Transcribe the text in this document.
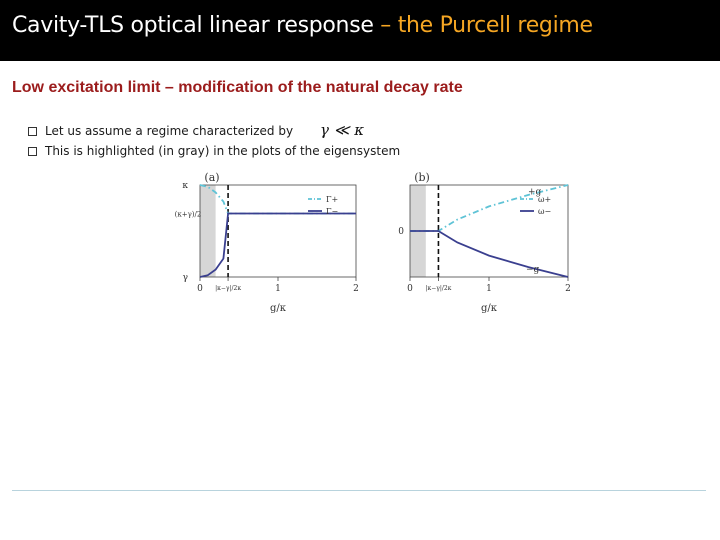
Cavity-TLS optical linear response – the Purcell regime
Low excitation limit – modification of the natural decay rate
Let us assume a regime characterized by γ ≪ κ
This is highlighted (in gray) in the plots of the eigensystem
(a)
Γ+
Γ−
0 |κ−γ|/2κ	1	2
g/κ
κ
(κ+γ)/2
γ
(b)
ω+
ω−
0 |κ−γ|/2κ	1	2
g/κ
0
+g
−g
